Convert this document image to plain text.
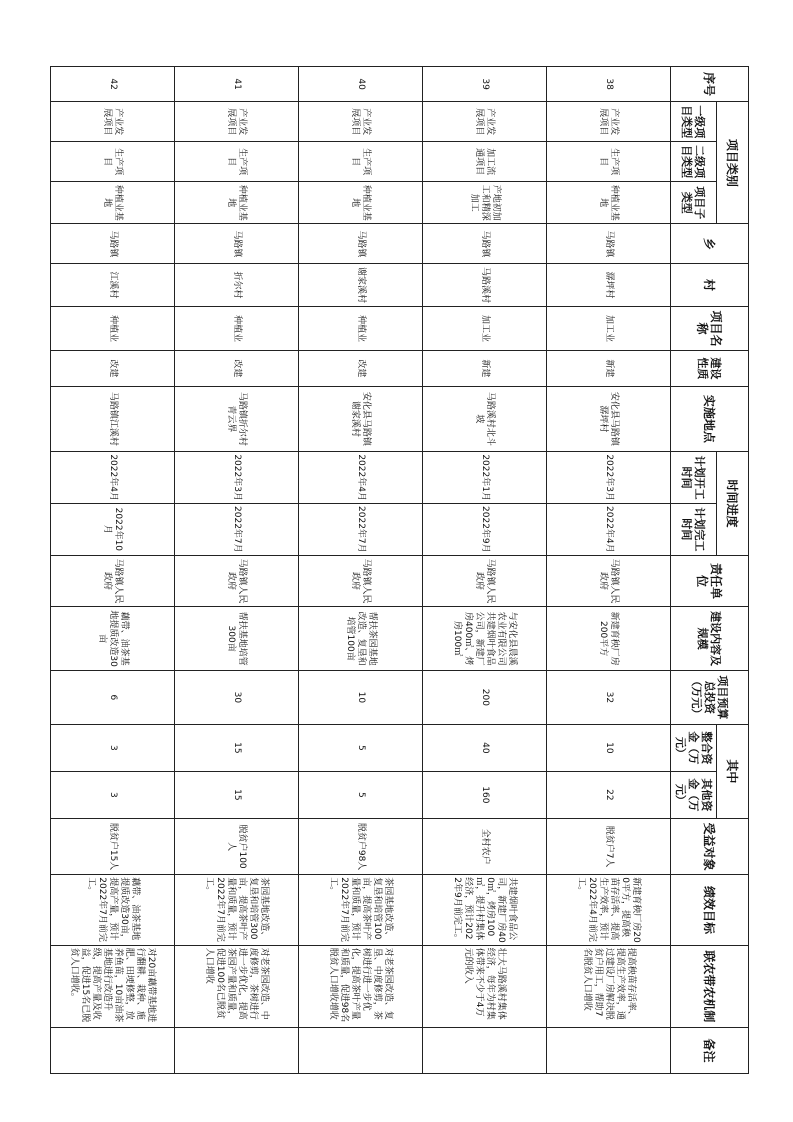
序号	项目类别			乡	村	项目名称	建设性质	实施地点	时间进度		责任单位	建设内容及规模	项目预算总投资（万元）	其中		受益对象	绩效目标	联农带农机制	备注
	一级项目类型	二级项目类型	项目子类型						计划开工时间	计划完工时间				整合资金（万元）	其他资金（万元）				
38	产业发展项目	生产项目	种植业基地	马路镇	潺坪村	加工业	新建	安化县马路镇潺坪村	2022年3月	2022年4月	马路镇人民政府	新建育秧厂房200平方	32	10	22	脱贫户7人	新建育秧厂房200平方，提高秧苗存活率、提高生产效率，预计2022年4月前完工。	提高秧苗存活率、提高生产效率，通过建设厂房解决脱贫户用工，帮助7名脱贫人口增收	
39	产业发展项目	加工流通项目	产地初加工和精深加工	马路镇	马路溪村	加工业	新建	马路溪村北斗坡	2022年1月	2022年9月	马路镇人民政府	与安化县晨溪农业有限公司共建烟叶食品公司，新建厂房400㎡、烤房100㎡	200	40	160	全村农户	共建烟叶食品公司，新建厂房400㎡，烤房100㎡，提升村集体经济，预计2022年9月前完工。	壮大马路溪村集体经济，每年为村集体带来不少于4万元的收入	
40	产业发展项目	生产项目	种植业基地	马路镇	谢家溪村	种植业	改建	安化县马路镇谢家溪村	2022年4月	2022年7月	马路镇人民政府	帮扶茶园基地改造、复垦和培管100亩	10	5	5	脱贫户98人	茶园基地改造、复垦和培管100亩，提高茶叶产量和质量，预计2022年7月前完工。	对老茶园改造、复垦、中度修剪，茶树进行进一步优化，提高茶叶产量和质量，促进98名脱贫人口增收增收	
41	产业发展项目	生产项目	种植业基地	马路镇	折尔村	种植业	改建	马路镇折尔村青云界	2022年3月	2022年7月	马路镇人民政府	帮扶基地培管300亩	30	15	15	脱贫户100人	茶园基地改造、复垦和培管300亩，提高茶叶产量和质量，预计2022年7月前完工。	对老茶园改造、中度修剪，茶树进行进一步优化，提高茶园产量和质量，促进100名已脱贫人口增收	
42	产业发展项目	生产项目	种植业基地	马路镇	江溪村	种植业	改建	马路镇江溪村	2022年4月	2022年10月	马路镇人民政府	藕带、油茶基地提质改造30亩	6	3	3	脱贫户15人	藕带、油茶基地提质改造30亩，提高产量，预计2022年7月前完工。	对20亩藕带基地进行翻耕、栽种、施肥、田埂修整，放养鱼苗，10亩油茶基地进行改造升级，提高产量及收益，促进15名已脱贫人口增收。	
